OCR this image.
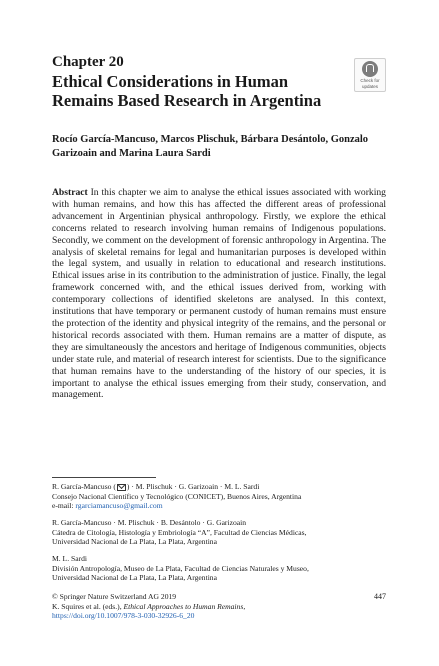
Chapter 20
Ethical Considerations in Human Remains Based Research in Argentina
Check for
updates
Rocío García-Mancuso, Marcos Plischuk, Bárbara Desántolo, Gonzalo Garizoain and Marina Laura Sardi
Abstract In this chapter we aim to analyse the ethical issues associated with working with human remains, and how this has affected the different areas of professional advancement in Argentinian physical anthropology. Firstly, we explore the ethical concerns related to research involving human remains of Indigenous populations. Secondly, we comment on the development of forensic anthropology in Argentina. The analysis of skeletal remains for legal and humanitarian purposes is developed within the legal system, and usually in relation to educational and research institutions. Ethical issues arise in its contribution to the administration of justice. Finally, the legal framework concerned with, and the ethical issues derived from, working with contemporary collections of identified skeletons are analysed. In this context, institutions that have temporary or permanent custody of human remains must ensure the protection of the identity and physical integrity of the remains, and the personal or historical records associated with them. Human remains are a matter of dispute, as they are simultaneously the ancestors and heritage of Indigenous communities, objects under state rule, and material of research interest for scientists. Due to the significance that human remains have to the understanding of the history of our species, it is important to analyse the ethical issues emerging from their study, conservation, and management.
R. García-Mancuso ( ) · M. Plischuk · G. Garizoain · M. L. Sardi
Consejo Nacional Científico y Tecnológico (CONICET), Buenos Aires, Argentina
e-mail: rgarciamancuso@gmail.com
R. García-Mancuso · M. Plischuk · B. Desántolo · G. Garizoain
Cátedra de Citología, Histología y Embriología “A”, Facultad de Ciencias Médicas,
Universidad Nacional de La Plata, La Plata, Argentina
M. L. Sardi
División Antropología, Museo de La Plata, Facultad de Ciencias Naturales y Museo,
Universidad Nacional de La Plata, La Plata, Argentina
© Springer Nature Switzerland AG 2019
K. Squires et al. (eds.), Ethical Approaches to Human Remains,
https://doi.org/10.1007/978-3-030-32926-6_20
447
